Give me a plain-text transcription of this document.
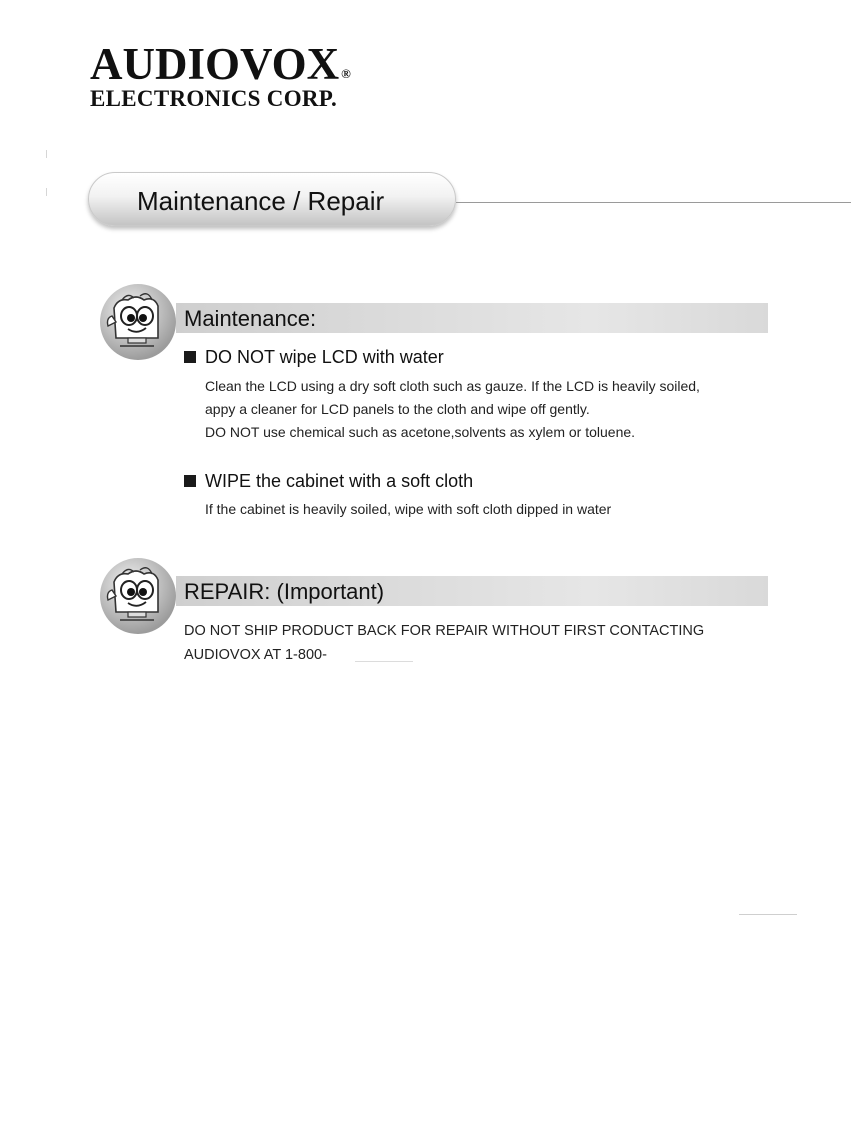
AUDIOVOX ®
ELECTRONICS CORP.
Maintenance / Repair
Maintenance:
DO NOT wipe LCD with water
Clean the LCD using a dry soft cloth such as gauze. If the LCD is heavily soiled,
appy a cleaner for LCD panels to the cloth and wipe off gently.
DO NOT use chemical such as acetone,solvents as xylem or toluene.
WIPE the cabinet with a soft cloth
If the cabinet is heavily soiled, wipe with soft cloth dipped in water
REPAIR: (Important)
DO NOT SHIP PRODUCT BACK FOR REPAIR WITHOUT FIRST CONTACTING
AUDIOVOX AT 1-800-
